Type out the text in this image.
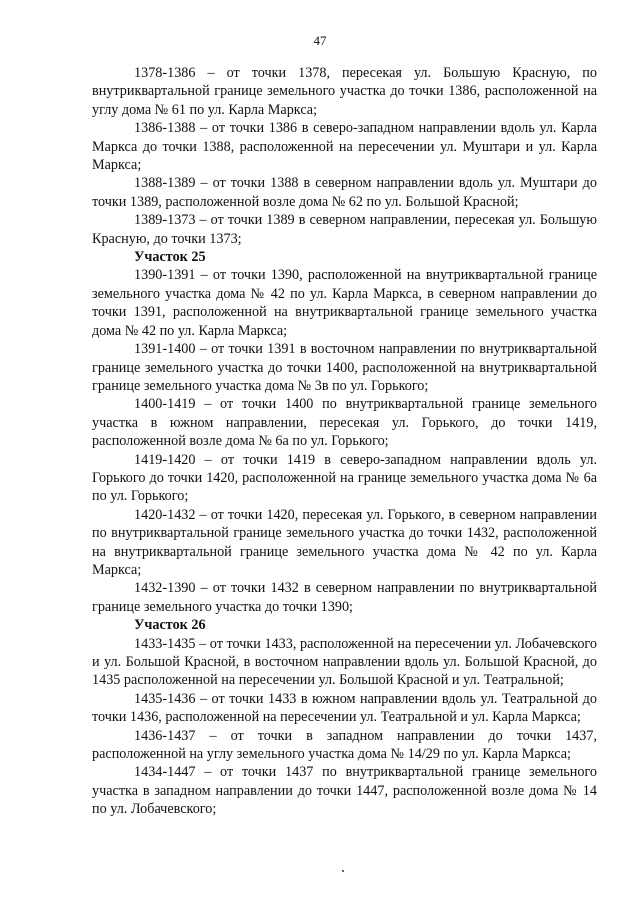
47

1378-1386 – от точки 1378, пересекая ул. Большую Красную, по внутриквартальной границе земельного участка до точки 1386, расположенной на углу дома № 61 по ул. Карла Маркса;

1386-1388 – от точки 1386 в северо-западном направлении вдоль ул. Карла Маркса до точки 1388, расположенной на пересечении ул. Муштари и ул. Карла Маркса;

1388-1389 – от точки 1388 в северном направлении вдоль ул. Муштари до точки 1389, расположенной возле дома № 62 по ул. Большой Красной;

1389-1373 – от точки 1389 в северном направлении, пересекая ул. Большую Красную, до точки 1373;

Участок 25

1390-1391 – от точки 1390, расположенной на внутриквартальной границе земельного участка дома № 42 по ул. Карла Маркса, в северном направлении до точки 1391, расположенной на внутриквартальной границе земельного участка дома № 42 по ул. Карла Маркса;

1391-1400 – от точки 1391 в восточном направлении по внутриквартальной границе земельного участка до точки 1400, расположенной на внутриквартальной границе земельного участка дома № 3в по ул. Горького;

1400-1419 – от точки 1400 по внутриквартальной границе земельного участка в южном направлении, пересекая ул. Горького, до точки 1419, расположенной возле дома № 6а по ул. Горького;

1419-1420 – от точки 1419 в северо-западном направлении вдоль ул. Горького до точки 1420, расположенной на границе земельного участка дома № 6а по ул. Горького;

1420-1432 – от точки 1420, пересекая ул. Горького, в северном направлении по внутриквартальной границе земельного участка до точки 1432, расположенной на внутриквартальной границе земельного участка дома № 42 по ул. Карла Маркса;

1432-1390 – от точки 1432 в северном направлении по внутриквартальной границе земельного участка до точки 1390;

Участок 26

1433-1435 – от точки 1433, расположенной на пересечении ул. Лобачевского и ул. Большой Красной, в восточном направлении вдоль ул. Большой Красной, до 1435 расположенной на пересечении ул. Большой Красной и ул. Театральной;

1435-1436 – от точки 1433 в южном направлении вдоль ул. Театральной до точки 1436, расположенной на пересечении ул. Театральной и ул. Карла Маркса;

1436-1437 – от точки в западном направлении до точки 1437, расположенной на углу земельного участка дома № 14/29 по ул. Карла Маркса;

1434-1447 – от точки 1437 по внутриквартальной границе земельного участка в западном направлении до точки 1447, расположенной возле дома № 14 по ул. Лобачевского;
